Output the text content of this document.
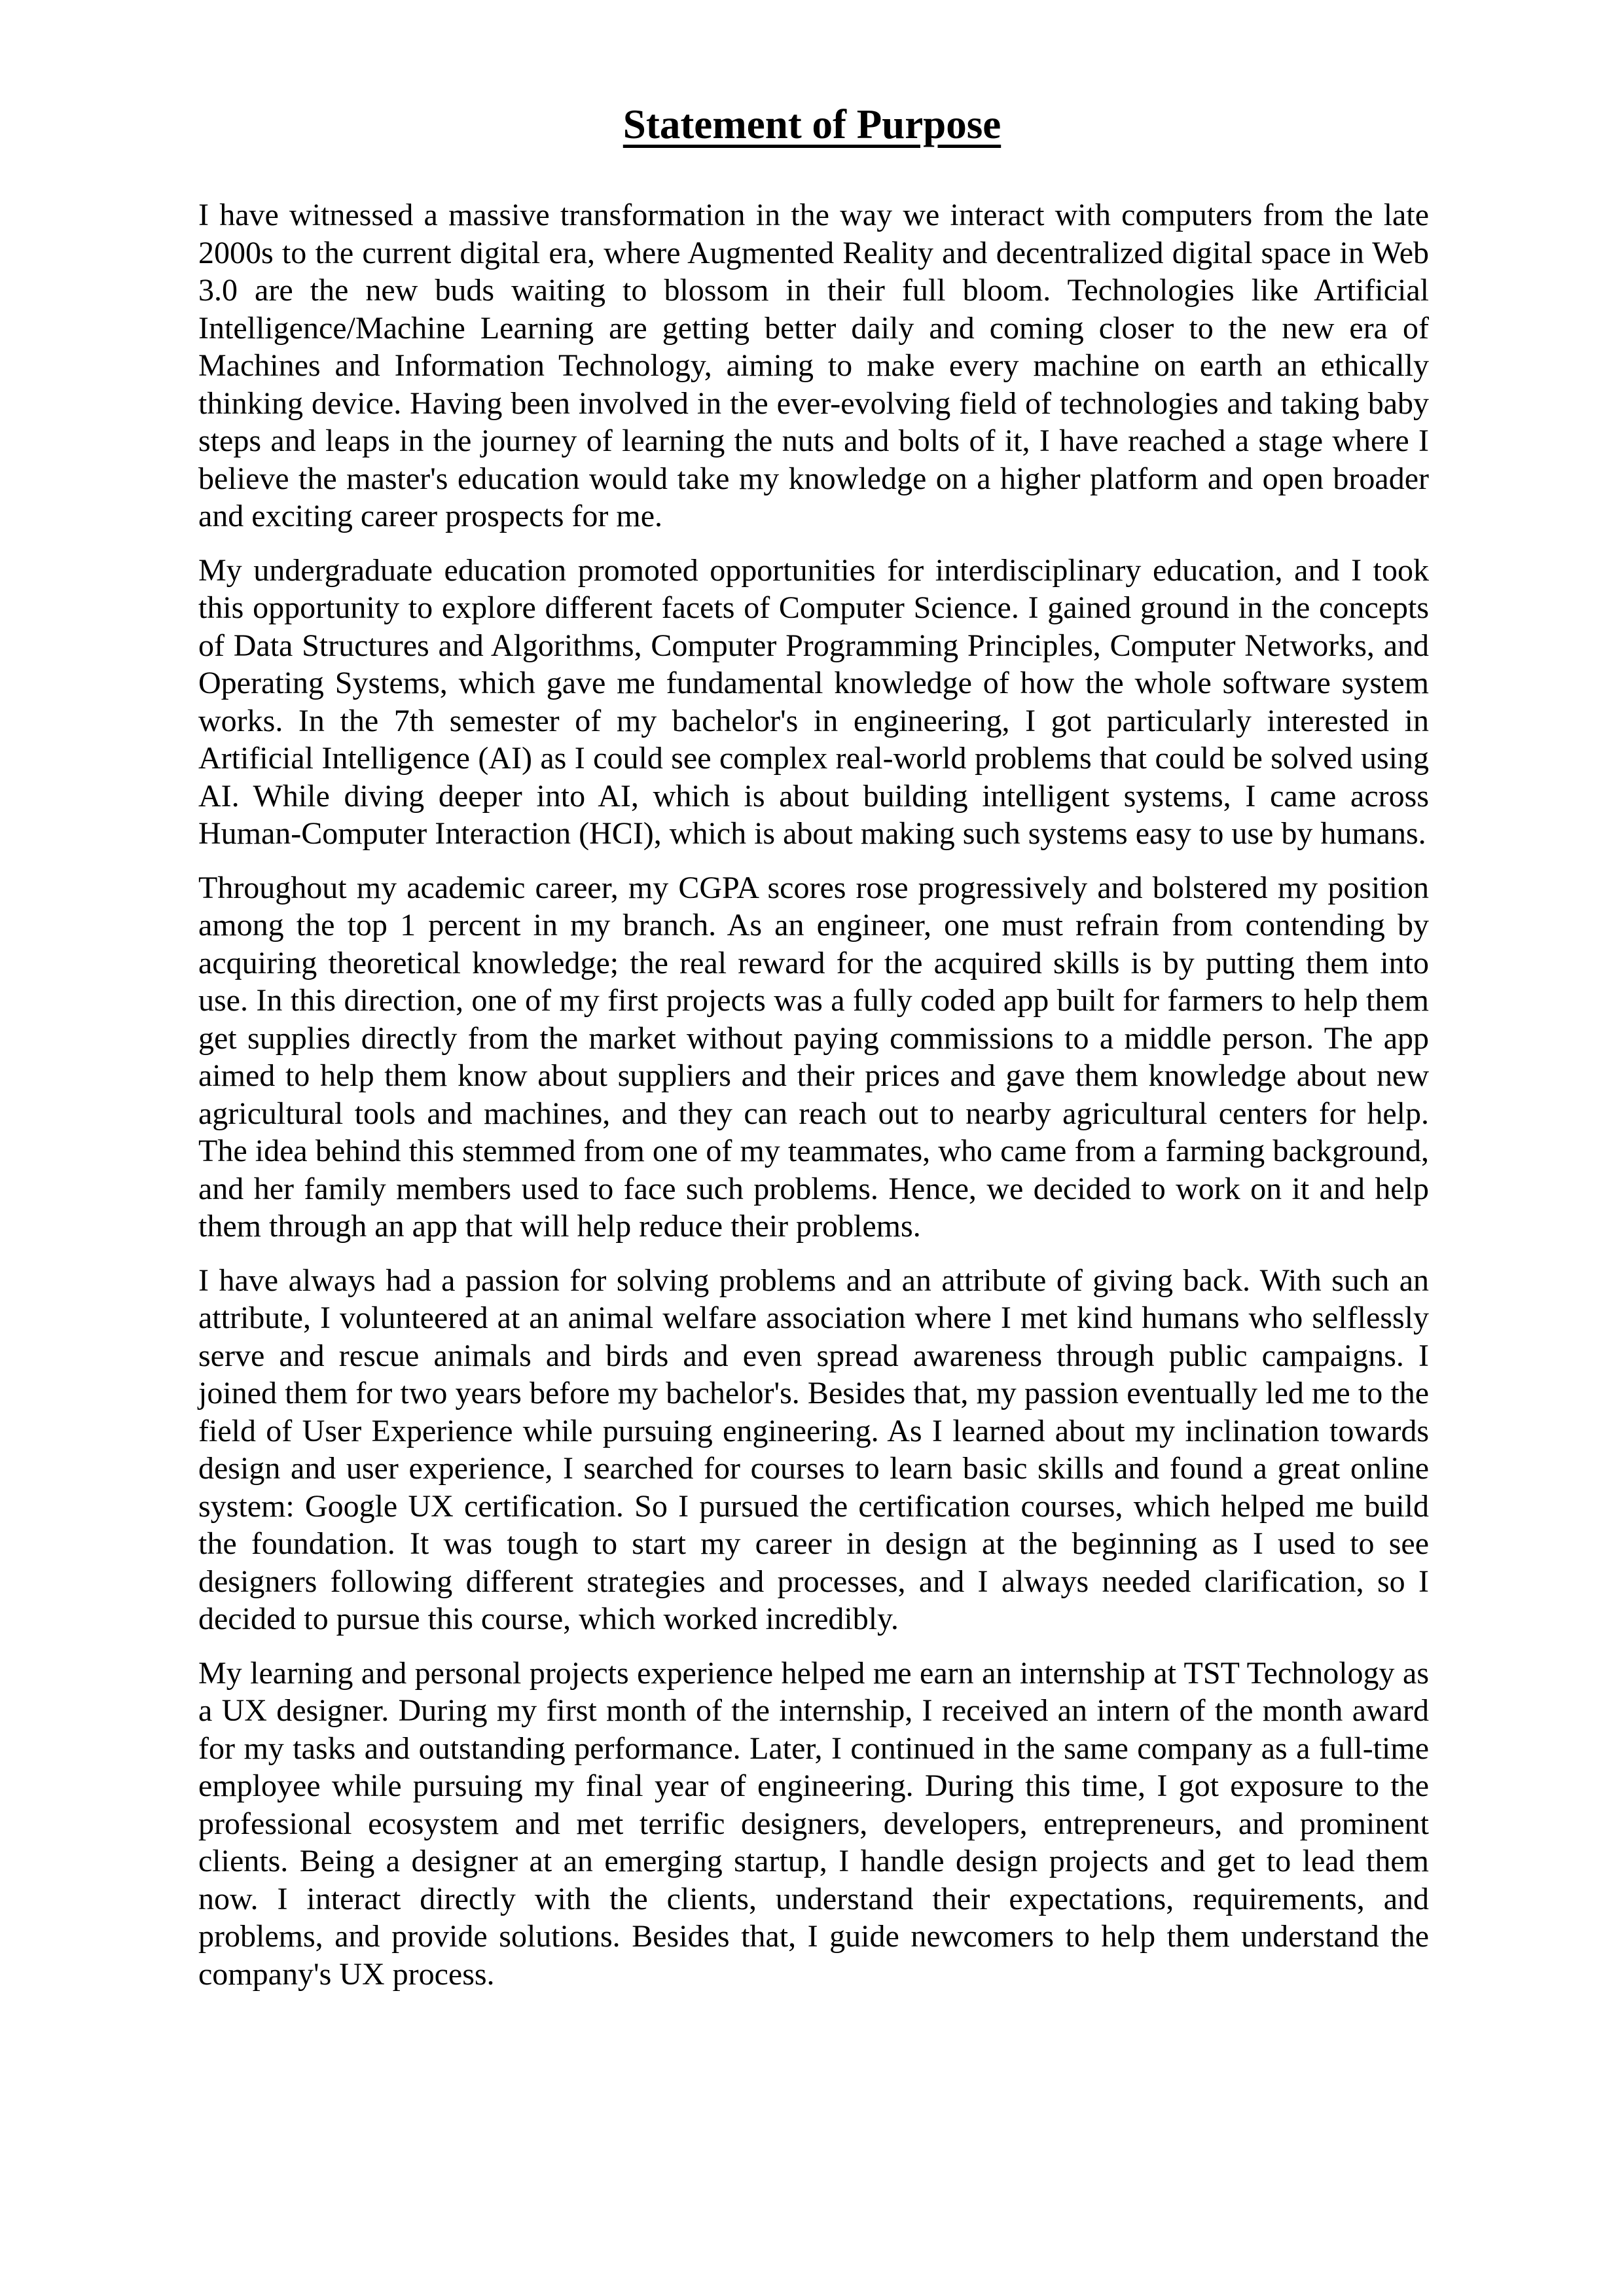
Statement of Purpose

I have witnessed a massive transformation in the way we interact with computers from the late 2000s to the current digital era, where Augmented Reality and decentralized digital space in Web 3.0 are the new buds waiting to blossom in their full bloom. Technologies like Artificial Intelligence/Machine Learning are getting better daily and coming closer to the new era of Machines and Information Technology, aiming to make every machine on earth an ethically thinking device. Having been involved in the ever-evolving field of technologies and taking baby steps and leaps in the journey of learning the nuts and bolts of it, I have reached a stage where I believe the master's education would take my knowledge on a higher platform and open broader and exciting career prospects for me.

My undergraduate education promoted opportunities for interdisciplinary education, and I took this opportunity to explore different facets of Computer Science. I gained ground in the concepts of Data Structures and Algorithms, Computer Programming Principles, Computer Networks, and Operating Systems, which gave me fundamental knowledge of how the whole software system works. In the 7th semester of my bachelor's in engineering, I got particularly interested in Artificial Intelligence (AI) as I could see complex real-world problems that could be solved using AI. While diving deeper into AI, which is about building intelligent systems, I came across Human-Computer Interaction (HCI), which is about making such systems easy to use by humans.

Throughout my academic career, my CGPA scores rose progressively and bolstered my position among the top 1 percent in my branch. As an engineer, one must refrain from contending by acquiring theoretical knowledge; the real reward for the acquired skills is by putting them into use. In this direction, one of my first projects was a fully coded app built for farmers to help them get supplies directly from the market without paying commissions to a middle person. The app aimed to help them know about suppliers and their prices and gave them knowledge about new agricultural tools and machines, and they can reach out to nearby agricultural centers for help. The idea behind this stemmed from one of my teammates, who came from a farming background, and her family members used to face such problems. Hence, we decided to work on it and help them through an app that will help reduce their problems.

I have always had a passion for solving problems and an attribute of giving back. With such an attribute, I volunteered at an animal welfare association where I met kind humans who selflessly serve and rescue animals and birds and even spread awareness through public campaigns. I joined them for two years before my bachelor's. Besides that, my passion eventually led me to the field of User Experience while pursuing engineering. As I learned about my inclination towards design and user experience, I searched for courses to learn basic skills and found a great online system: Google UX certification. So I pursued the certification courses, which helped me build the foundation. It was tough to start my career in design at the beginning as I used to see designers following different strategies and processes, and I always needed clarification, so I decided to pursue this course, which worked incredibly.

My learning and personal projects experience helped me earn an internship at TST Technology as a UX designer. During my first month of the internship, I received an intern of the month award for my tasks and outstanding performance. Later, I continued in the same company as a full-time employee while pursuing my final year of engineering. During this time, I got exposure to the professional ecosystem and met terrific designers, developers, entrepreneurs, and prominent clients. Being a designer at an emerging startup, I handle design projects and get to lead them now. I interact directly with the clients, understand their expectations, requirements, and problems, and provide solutions. Besides that, I guide newcomers to help them understand the company's UX process.
